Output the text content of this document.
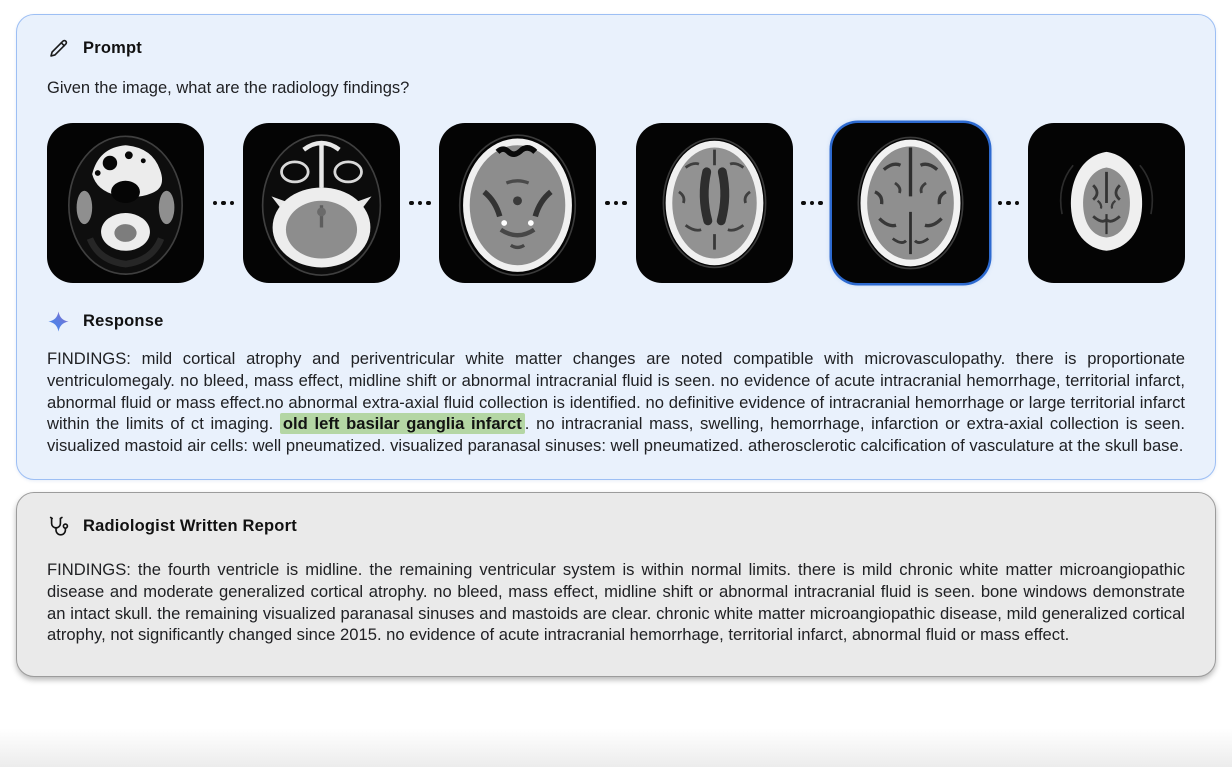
Prompt

Given the image, what are the radiology findings?

Response

FINDINGS: mild cortical atrophy and periventricular white matter changes are noted compatible with microvasculopathy. there is proportionate ventriculomegaly. no bleed, mass effect, midline shift or abnormal intracranial fluid is seen. no evidence of acute intracranial hemorrhage, territorial infarct, abnormal fluid or mass effect.no abnormal extra-axial fluid collection is identified. no definitive evidence of intracranial hemorrhage or large territorial infarct within the limits of ct imaging. old left basilar ganglia infarct . no intracranial mass, swelling, hemorrhage, infarction or extra-axial collection is seen. visualized mastoid air cells: well pneumatized. visualized paranasal sinuses: well pneumatized. atherosclerotic calcification of vasculature at the skull base.

Radiologist Written Report

FINDINGS: the fourth ventricle is midline. the remaining ventricular system is within normal limits. there is mild chronic white matter microangiopathic disease and moderate generalized cortical atrophy. no bleed, mass effect, midline shift or abnormal intracranial fluid is seen. bone windows demonstrate an intact skull. the remaining visualized paranasal sinuses and mastoids are clear. chronic white matter microangiopathic disease, mild generalized cortical atrophy, not significantly changed since 2015. no evidence of acute intracranial hemorrhage, territorial infarct, abnormal fluid or mass effect.
